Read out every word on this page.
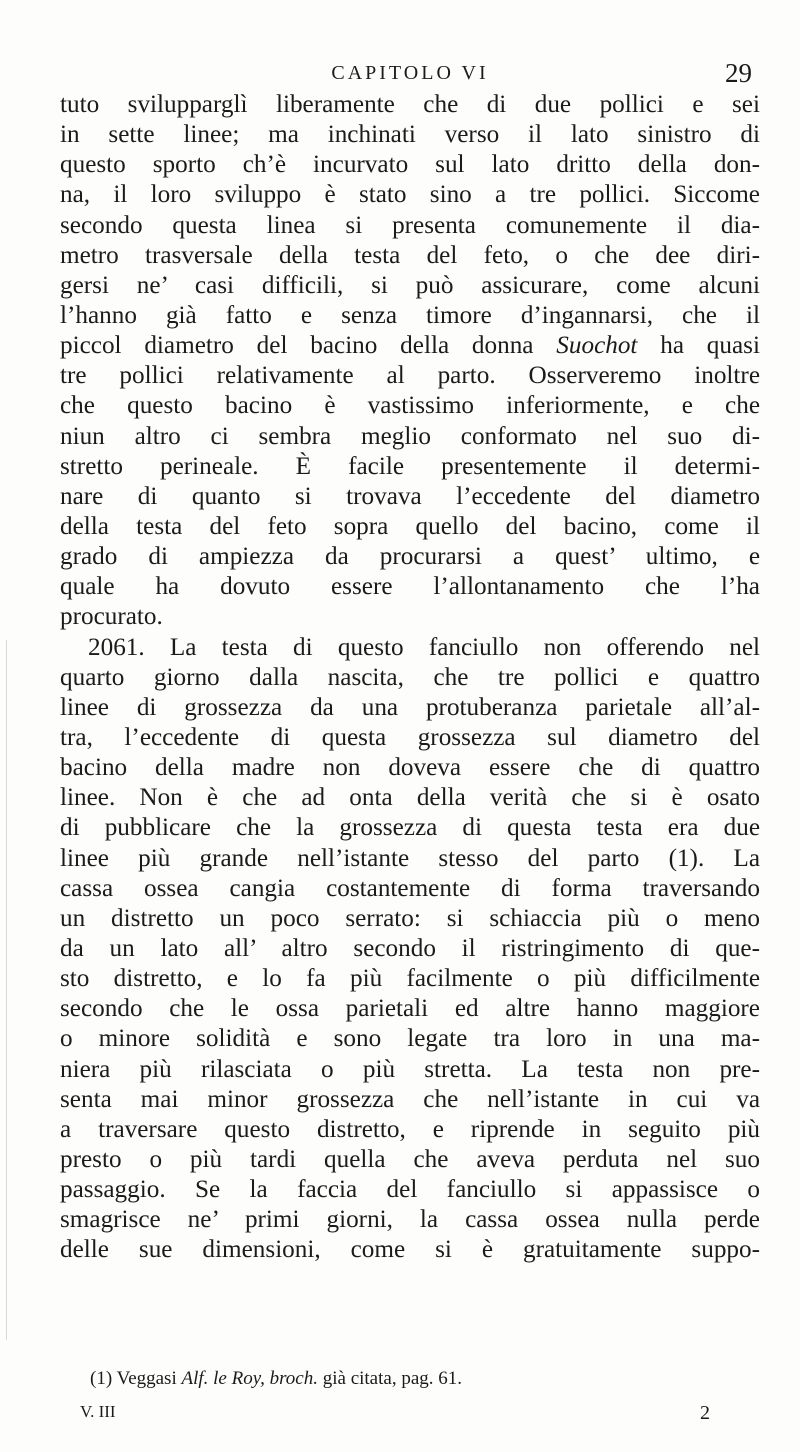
CAPITOLO VI	29
tuto svilupparglì liberamente che di due pollici e sei
in sette linee; ma inchinati verso il lato sinistro di
questo sporto ch’è incurvato sul lato dritto della don-
na, il loro sviluppo è stato sino a tre pollici. Siccome
secondo questa linea si presenta comunemente il dia-
metro trasversale della testa del feto, o che dee diri-
gersi ne’ casi difficili, si può assicurare, come alcuni
l’hanno già fatto e senza timore d’ingannarsi, che il
piccol diametro del bacino della donna Suochot ha quasi
tre pollici relativamente al parto. Osserveremo inoltre
che questo bacino è vastissimo inferiormente, e che
niun altro ci sembra meglio conformato nel suo di-
stretto perineale. È facile presentemente il determi-
nare di quanto si trovava l’eccedente del diametro
della testa del feto sopra quello del bacino, come il
grado di ampiezza da procurarsi a quest’ ultimo, e
quale ha dovuto essere l’allontanamento che l’ha
procurato.
2061. La testa di questo fanciullo non offerendo nel
quarto giorno dalla nascita, che tre pollici e quattro
linee di grossezza da una protuberanza parietale all’al-
tra, l’eccedente di questa grossezza sul diametro del
bacino della madre non doveva essere che di quattro
linee. Non è che ad onta della verità che si è osato
di pubblicare che la grossezza di questa testa era due
linee più grande nell’istante stesso del parto (1). La
cassa ossea cangia costantemente di forma traversando
un distretto un poco serrato: si schiaccia più o meno
da un lato all’ altro secondo il ristringimento di que-
sto distretto, e lo fa più facilmente o più difficilmente
secondo che le ossa parietali ed altre hanno maggiore
o minore solidità e sono legate tra loro in una ma-
niera più rilasciata o più stretta. La testa non pre-
senta mai minor grossezza che nell’istante in cui va
a traversare questo distretto, e riprende in seguito più
presto o più tardi quella che aveva perduta nel suo
passaggio. Se la faccia del fanciullo si appassisce o
smagrisce ne’ primi giorni, la cassa ossea nulla perde
delle sue dimensioni, come si è gratuitamente suppo-
(1) Veggasi Alf. le Roy, broch. già citata, pag. 61.
V. III	2
